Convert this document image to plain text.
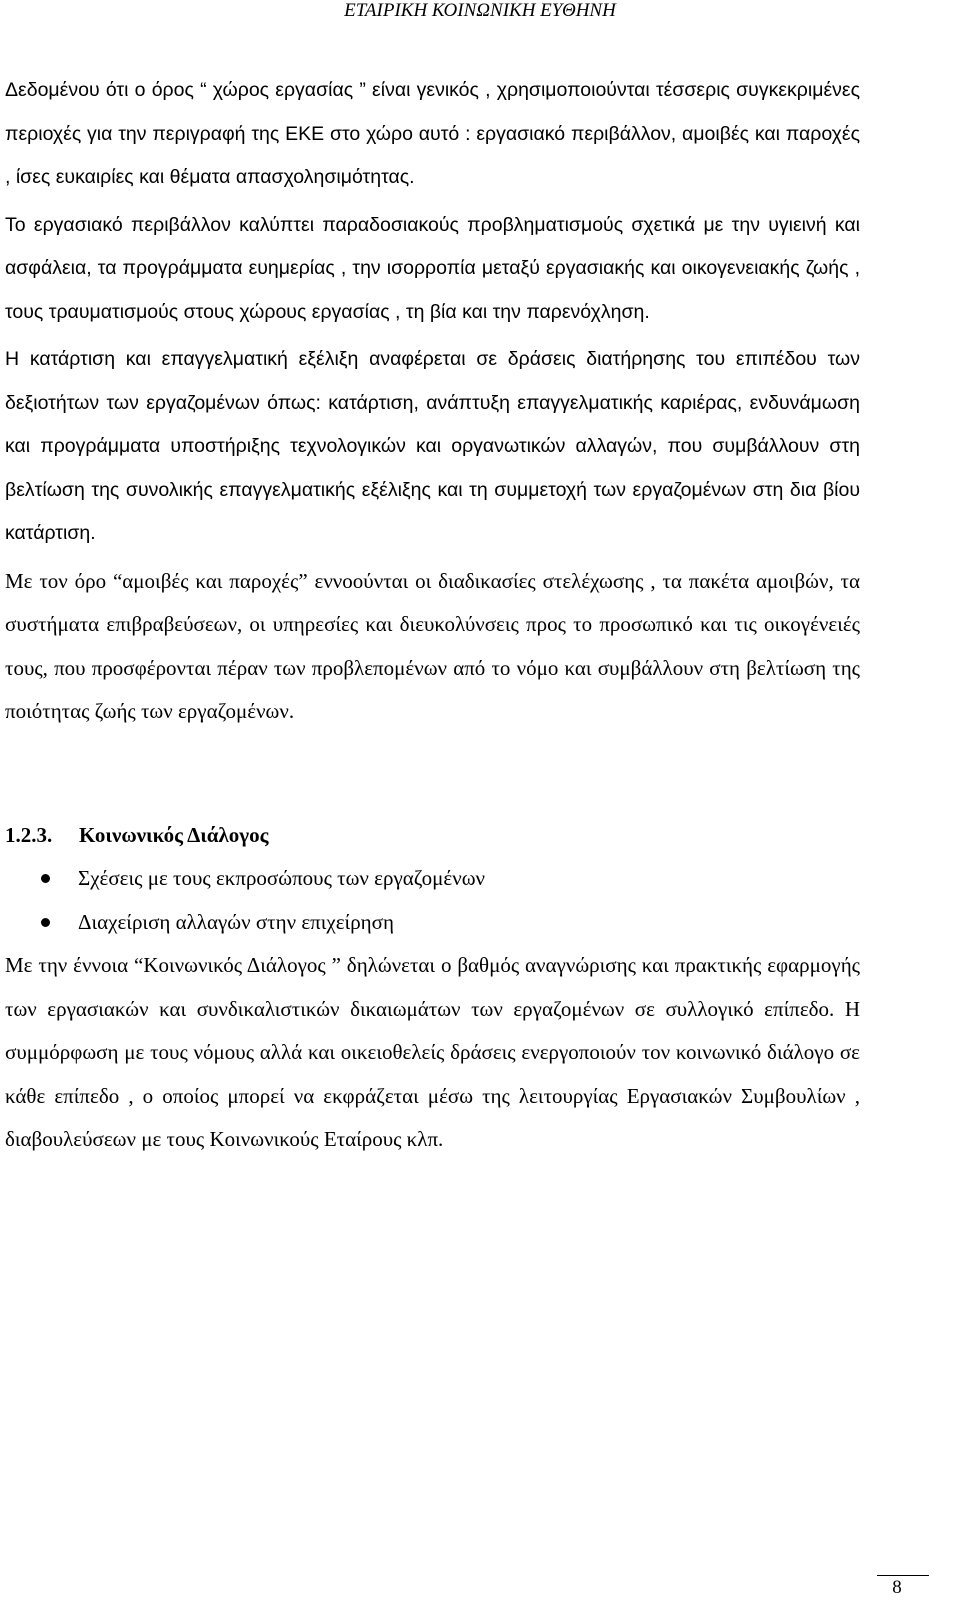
ΕΤΑΙΡΙΚΗ ΚΟΙΝΩΝΙΚΗ ΕΥΘΗΝΗ

Δεδομένου ότι ο όρος “ χώρος εργασίας ” είναι γενικός , χρησιμοποιούνται τέσσερις συγκεκριμένες περιοχές για την περιγραφή της ΕΚΕ στο χώρο αυτό : εργασιακό περιβάλλον, αμοιβές και παροχές , ίσες ευκαιρίες και θέματα απασχολησιμότητας.

Το εργασιακό περιβάλλον καλύπτει παραδοσιακούς προβληματισμούς σχετικά με την υγιεινή και ασφάλεια, τα προγράμματα ευημερίας , την ισορροπία μεταξύ εργασιακής και οικογενειακής ζωής , τους τραυματισμούς στους χώρους εργασίας , τη βία και την παρενόχληση.

Η κατάρτιση και επαγγελματική εξέλιξη αναφέρεται σε δράσεις διατήρησης του επιπέδου των δεξιοτήτων των εργαζομένων όπως: κατάρτιση, ανάπτυξη επαγγελματικής καριέρας, ενδυνάμωση και προγράμματα υποστήριξης τεχνολογικών και οργανωτικών αλλαγών, που συμβάλλουν στη βελτίωση της συνολικής επαγγελματικής εξέλιξης και τη συμμετοχή των εργαζομένων στη δια βίου κατάρτιση.

Με τον όρο “αμοιβές και παροχές” εννοούνται οι διαδικασίες στελέχωσης , τα πακέτα αμοιβών, τα συστήματα επιβραβεύσεων, οι υπηρεσίες και διευκολύνσεις προς το προσωπικό και τις οικογένειές τους, που προσφέρονται πέραν των προβλεπομένων από το νόμο και συμβάλλουν στη βελτίωση της ποιότητας ζωής των εργαζομένων.

1.2.3. Κοινωνικός Διάλογος
Σχέσεις με τους εκπροσώπους των εργαζομένων
Διαχείριση αλλαγών στην επιχείρηση

Με την έννοια “Κοινωνικός Διάλογος ” δηλώνεται ο βαθμός αναγνώρισης και πρακτικής εφαρμογής των εργασιακών και συνδικαλιστικών δικαιωμάτων των εργαζομένων σε συλλογικό επίπεδο. Η συμμόρφωση με τους νόμους αλλά και οικειοθελείς δράσεις ενεργοποιούν τον κοινωνικό διάλογο σε κάθε επίπεδο , ο οποίος μπορεί να εκφράζεται μέσω της λειτουργίας Εργασιακών Συμβουλίων , διαβουλεύσεων με τους Κοινωνικούς Εταίρους κλπ.

8
